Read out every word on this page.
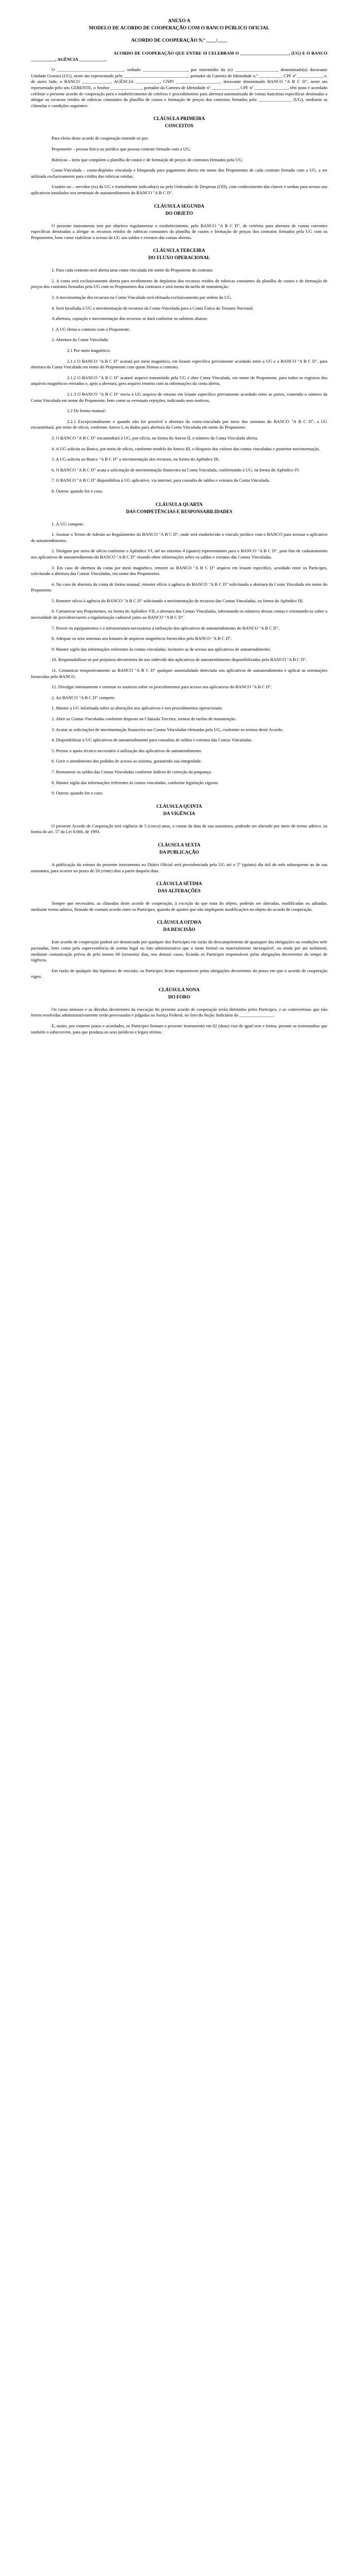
ANEXO A

MODELO DE ACORDO DE COOPERAÇÃO COM O BANCO PÚBLICO OFICIAL

ACORDO DE COOPERAÇÃO N.º ____/____

ACORDO DE COOPERAÇÃO QUE ENTRE SI CELEBRAM O ______________________, (UG) E O BANCO ___________, AGÊNCIA ____________.

O ______________________________, sediado ____________________, por intermédio da (o) ___________________, denominado(a) doravante Unidade Gestora (UG), neste ato representado pelo _____________________________, portador da Carteira de Identidade n.º __________, CPF nº ___________, e, de outro lado, o BANCO _____________, AGÊNCIA ___________, CNPJ ____________________, doravante denominado BANCO "A B C D", neste ato representado pelo seu GERENTE, o Senhor ______________, portador da Carteira de Identidade nº ____________, CPF nº _______________, têm justo e acordado celebrar o presente acordo de cooperação para o estabelecimento de critérios e procedimentos para abertura automatizada de contas bancárias específicas destinadas a abrigar os recursos retidos de rubricas constantes da planilha de custos e formação de preços dos contratos firmados pela _______________ (UG), mediante as cláusulas e condições seguintes:

CLÁUSULA PRIMEIRA

CONCEITOS

Para efeito deste acordo de cooperação entende-se por:

Proponente – pessoa física ou jurídica que possua contrato firmado com a UG;

Rubricas – itens que compõem a planilha de custos e de formação de preços de contratos firmados pela UG;

Conta-Vinculada – conta-depósito vinculada e bloqueada para pagamento aberta em nome dos Proponentes de cada contrato firmado com a UG, a ser utilizada exclusivamente para crédito das rubricas retidas;

Usuário ou – servidor (es) da UG e formalmente indicado(s) ou pelo Ordenador de Despesas (OD), com conhecimento das chaves e senhas para acesso aos aplicativos instalados nos terminais de autoatendimento do BANCO "A B C D".

CLÁUSULA SEGUNDA

DO OBJETO

O presente instrumento tem por objetivo regulamentar o estabelecimento, pelo BANCO "A B C D", de critérios para abertura de contas correntes específicas destinadas a abrigar os recursos retidos de rubricas constantes da planilha de custos e formação de preços dos contratos firmados pela UG com os Proponentes, bem como viabilizar o acesso da UG aos saldos e extratos das contas abertas.

CLÁUSULA TERCEIRA

DO FLUXO OPERACIONAL

1. Para cada contrato será aberta uma conta vinculada em nome do Proponente do contrato.

2. A conta será exclusivamente aberta para recebimento de depósitos dos recursos retidos de rubricas constantes da planilha de custos e de formação de preços dos contratos firmados pela UG com os Proponentes dos contratos e será isenta da tarifa de manutenção.

3. A movimentação dos recursos na Conta-Vinculada será efetuada exclusivamente por ordem da UG.

4. Será facultada à UG a movimentação de recursos da Conta-Vinculada para a Conta Única do Tesouro Nacional.

A abertura, captação e movimentação dos recursos se dará conforme os subitens abaixo:

1. A UG firma o contrato com o Proponente.

2. Abertura da Conta Vinculada:

2.1 Por meio magnético:

2.1.1 O BANCO "A B C D" acatará por meio magnético, em leiaute específico previamente acordado entre a UG e o BANCO "A B C D", para abertura da Conta Vinculada em nome do Proponente com quem firmou o contrato.

2.1.2 O BANCO "A B C D" acatará arquivo transmitido pela UG e abre Conta Vinculada, em nome do Proponente, para todos os registros dos arquivos magnéticos enviados e, após a abertura, gera arquivo retorno com as informações da conta aberta.

2.1.3 O BANCO "A B C D" envia à UG arquivo de retorno em leiaute específico previamente acordado entre as partes, contendo o número da Conta Vinculada em nome do Proponente, bem como as eventuais rejeições, indicando seus motivos.

2.2 De forma manual:

2.2.1 Excepcionalmente e quando não for possível a abertura da conta-vinculada por meio dos sistemas do BANCO "A B C D", a UG encaminhará, por meio de ofício, conforme Anexo I, os dados para abertura da Conta Vinculada em nome do Proponente.

3. O BANCO "A B C D" encaminhará à UG, por ofício, na forma do Anexo II, o número da Conta Vinculada aberta.

4. A UG solicita ao Banco, por meio de ofício, conforme modelo do Anexo III, o bloqueio dos valores das contas vinculadas e posterior movimentação.

5. A UG solicita ao Banco "A B C D" a movimentação dos recursos, na forma do Apêndice III.

6. O BANCO "A B C D" acata a solicitação de movimentação financeira na Conta Vinculada, confirmando à UG, na forma do Apêndice IV.

7. O BANCO "A B C D" disponibiliza à UG aplicativo, via internet, para consulta de saldos e extratos da Conta Vinculada.

8. Outros: quando for o caso.

CLÁUSULA QUARTA

DAS COMPETÊNCIAS E RESPONSABILIDADES

1. À UG compete:

1. Assinar o Termo de Adesão ao Regulamento do BANCO "A B C D", onde será estabelecido o vínculo jurídico com o BANCO para acessar o aplicativo de autoatendimento.

2. Designar por meio de ofício conforme o Apêndice VI, até no máximo 4 (quatro) representantes para o BANCO "A B C D", para fins de cadastramento nos aplicativos de autoatendimento do BANCO "A B C D" visando obter informações sobre os saldos e extratos das Contas Vinculadas.

3. Em caso de abertura da conta por meio magnético, remeter ao BANCO "A B C D" arquivo em leiaute específico, acordado entre os Participes, solicitando a abertura das Contas Vinculadas, em nome dos Proponentes.

4. No caso de abertura da conta de forma manual, remeter ofício à agência do BANCO "A B C D" solicitando a abertura da Conta Vinculada em nome do Proponente.

5. Remeter ofício à agência do BANCO "A B C D" solicitando a movimentação de recursos das Contas Vinculadas, na forma do Apêndice III.

6. Comunicar aos Proponentes, na forma do Apêndice VII, a abertura das Contas Vinculadas, informando os números dessas contas e orientando-os sobre a necessidade de providenciarem a regularização cadastral junto ao BANCO "A B C D".

7. Prover os equipamentos e a infraestrutura necessários à utilização dos aplicativos de autoatendimento do BANCO "A B C D".

8. Adequar os seus sistemas aos leiautes de arquivos magnéticos fornecidos pelo BANCO "A B C D".

9. Manter sigilo das informações referentes às contas vinculadas, inclusive as de acesso aos aplicativos de autoatendimento.

10. Responsabilizar-se por prejuízos decorrentes do uso indevido dos aplicativos de autoatendimento disponibilizados pelo BANCO "A B C D".

11. Comunicar tempestivamente ao BANCO "A B C D" qualquer anormalidade detectada nos aplicativos de autoatendimento e aplicar as orientações fornecidas pelo BANCO.

12. Divulgar internamente e orientar os usuários sobre os procedimentos para acesso aos aplicativos do BANCO "A B C D".

2. Ao BANCO "A B C D" compete:

1. Manter a UG informada sobre as alterações nos aplicativos e nos procedimentos operacionais.

2. Abrir as Contas Vinculadas conforme disposto na Cláusula Terceira, isentas de tarifas de manutenção.

3. Acatar as solicitações de movimentação financeira nas Contas Vinculadas efetuadas pela UG, conforme os termos deste Acordo.

4. Disponibilizar à UG aplicativos de autoatendimento para consultas de saldos e extratos das Contas Vinculadas.

5. Prestar o apoio técnico necessário à utilização dos aplicativos de autoatendimento.

6. Gerir o atendimento dos pedidos de acesso ao sistema, garantindo sua integridade.

7. Remunerar os saldos das Contas Vinculadas conforme índices de correção da poupança.

8. Manter sigilo das informações referentes às contas vinculadas, conforme legislação vigente.

9. Outros: quando for o caso.

CLÁUSULA QUINTA

DA VIGÊNCIA

O presente Acordo de Cooperação terá vigência de 5 (cinco) anos, a contar da data de sua assinatura, podendo ser alterado por meio de termo aditivo, na forma do art. 57 da Lei 8.666, de 1993.

CLÁUSULA SEXTA

DA PUBLICAÇÃO

A publicação do extrato do presente instrumento no Diário Oficial será providenciada pela UG até o 5º (quinto) dia útil do mês subsequente ao de sua assinatura, para ocorrer no prazo de 20 (vinte) dias a partir daquela data.

CLÁUSULA SÉTIMA

DAS ALTERAÇÕES

Sempre que necessário, as cláusulas deste acordo de cooperação, à exceção da que trata do objeto, poderão ser alteradas, modificadas ou aditadas, mediante termo aditivo, firmado de comum acordo entre os Participes, quando de ajustes que não impliquem modificações no objeto do acordo de cooperação.

CLÁUSULA OITAVA

DA RESCISÃO

Este acordo de cooperação poderá ser denunciado por qualquer dos Participes em razão do descumprimento de quaisquer das obrigações ou condições nele pactuadas, bem como pela superveniência de norma legal ou fato administrativo que o torne formal ou materialmente inexequível, ou ainda por ato unilateral, mediante comunicação prévia de pelo menos 60 (sessenta) dias, nos demais casos, ficando os Participes responsáveis pelas obrigações decorrentes do tempo de vigência.

Em razão de qualquer das hipóteses de rescisão, os Participes ficam responsáveis pelas obrigações decorrentes do prazo em que o acordo de cooperação vigeu.

CLÁUSULA NONA

DO FORO

Os casos omissos e as dúvidas decorrentes da execução do presente acordo de cooperação serão dirimidos pelos Participes, e as controvérsias que não forem resolvidas administrativamente serão processadas e julgadas na Justiça Federal, no foro da Seção Judiciária do _______________.

E, assim, por estarem justos e acordados, os Participes firmam o presente instrumento em 02 (duas) vias de igual teor e forma, perante as testemunhas que também o subscrevem, para que produza os seus jurídicos e legais efeitos.
